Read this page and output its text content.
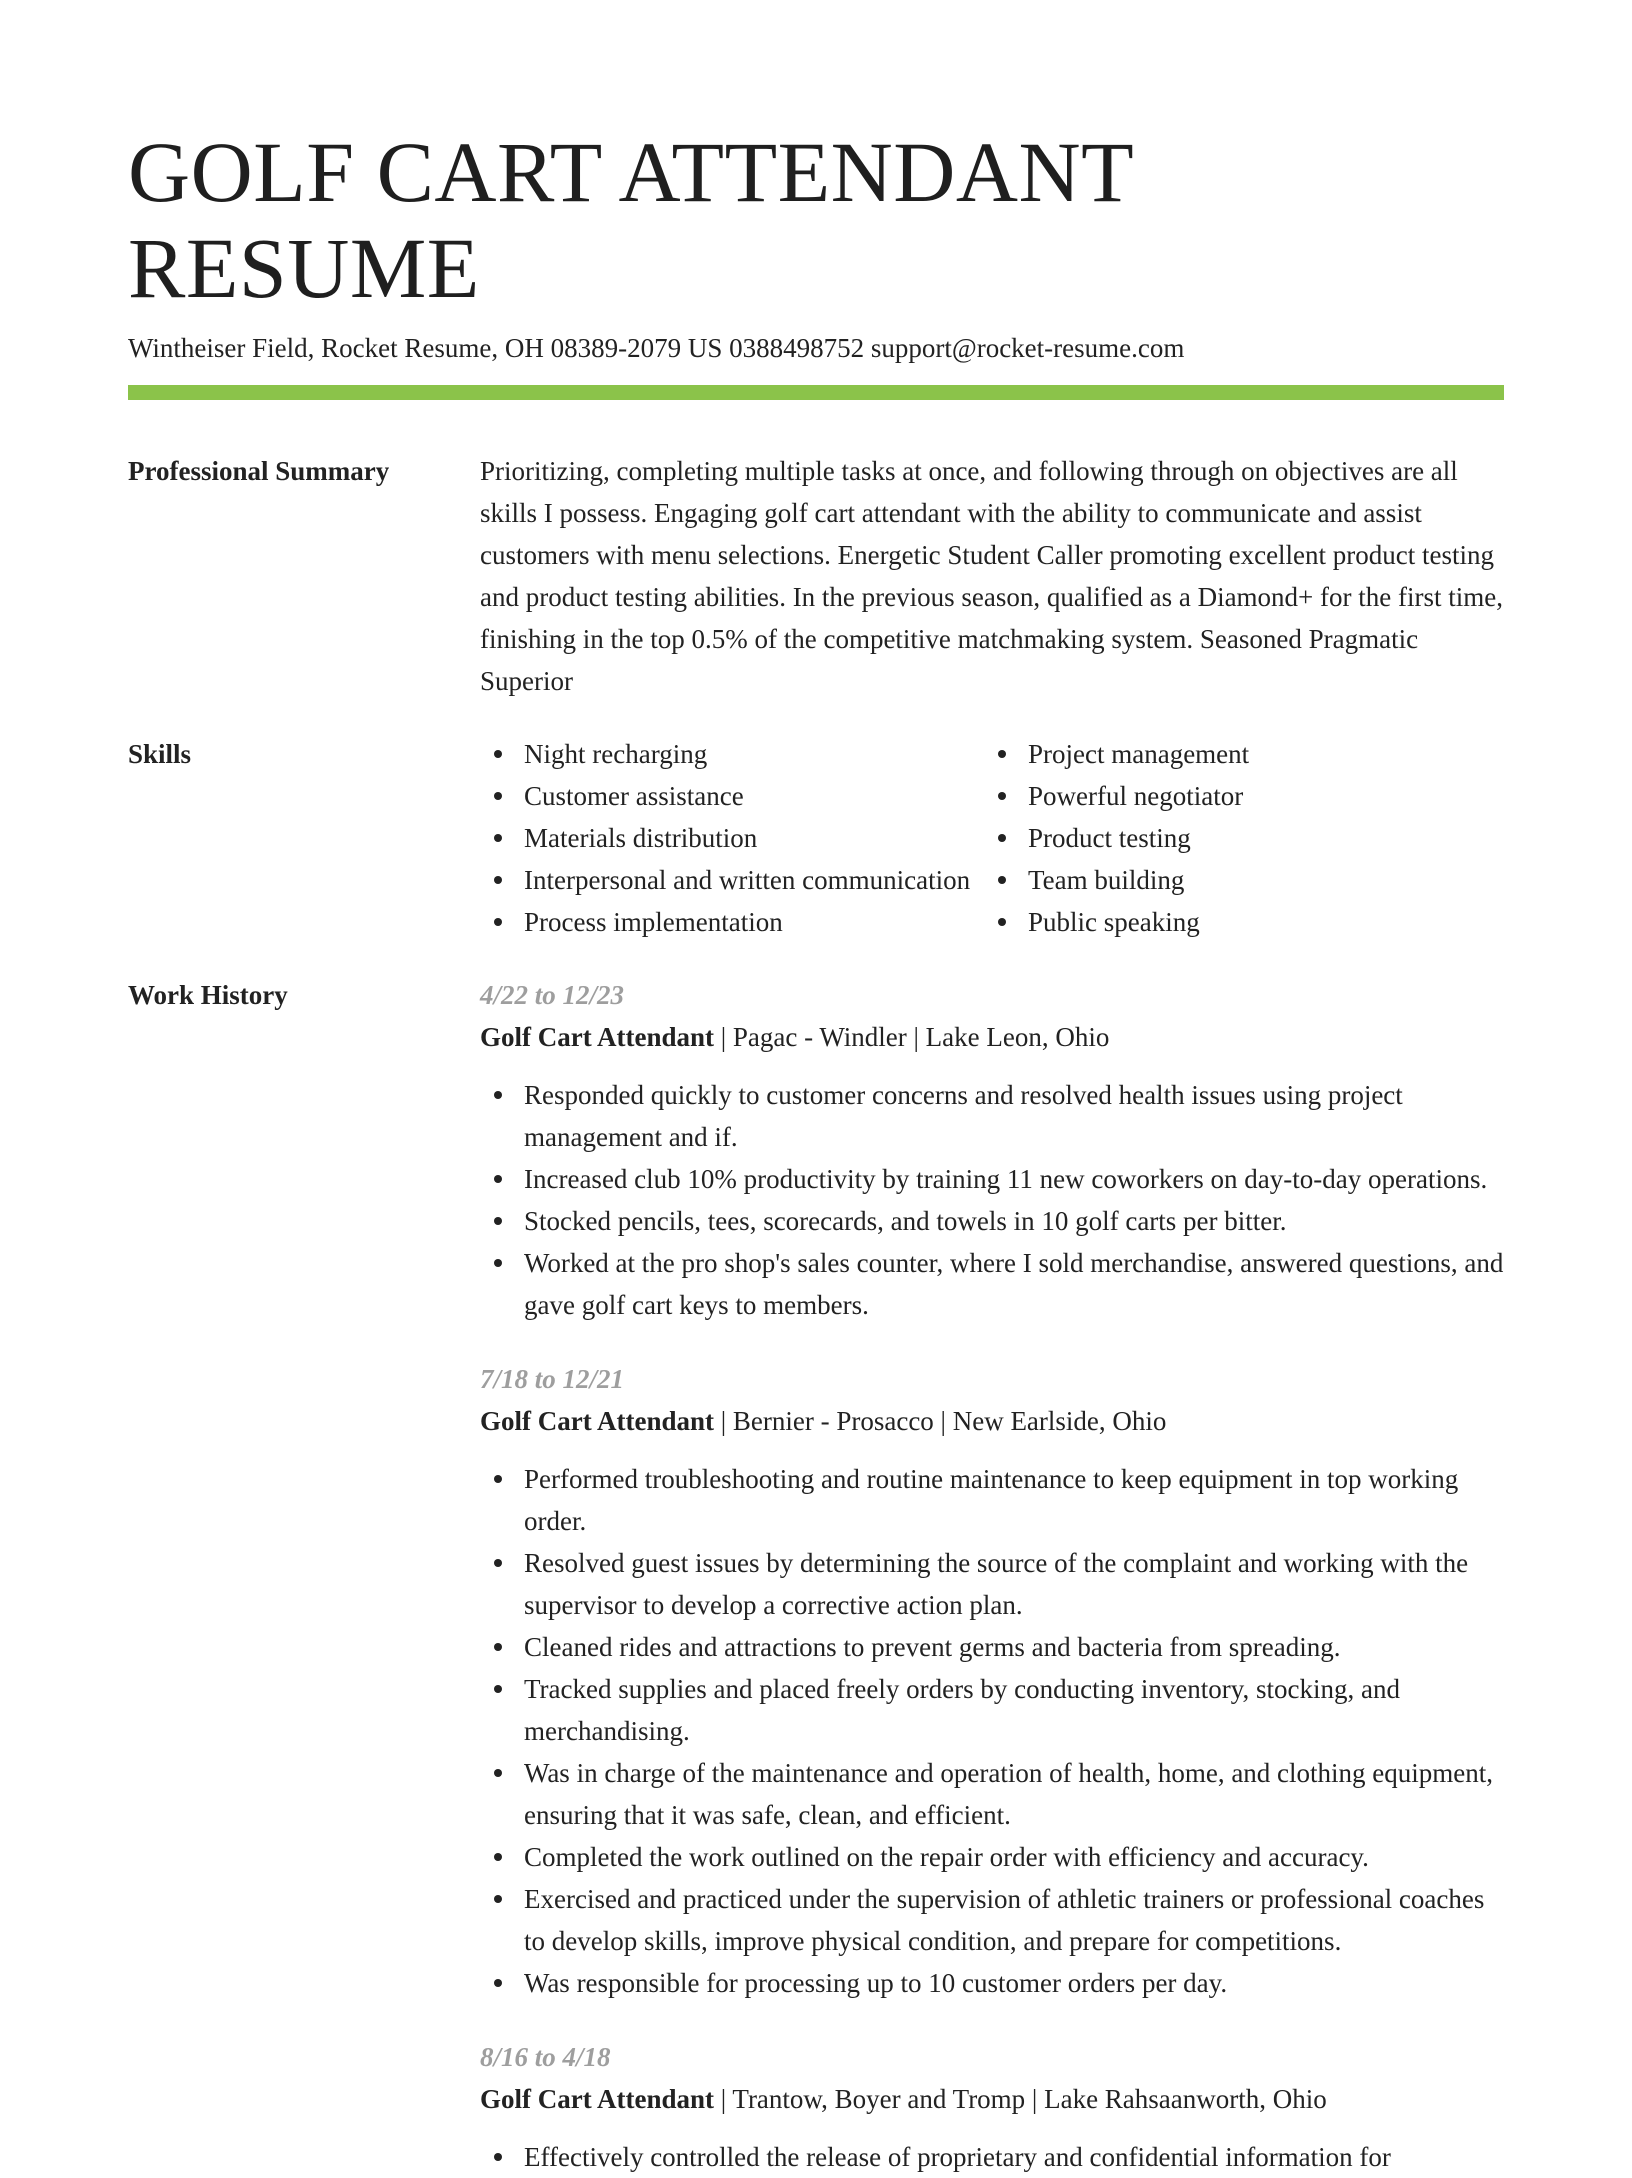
GOLF CART ATTENDANT RESUME
Wintheiser Field, Rocket Resume, OH 08389-2079 US 0388498752 support@rocket-resume.com
Professional Summary	Prioritizing, completing multiple tasks at once, and following through on objectives are all skills I possess. Engaging golf cart attendant with the ability to communicate and assist customers with menu selections. Energetic Student Caller promoting excellent product testing and product testing abilities. In the previous season, qualified as a Diamond+ for the first time, finishing in the top 0.5% of the competitive matchmaking system. Seasoned Pragmatic Superior

Skills	Night recharging
Customer assistance
Materials distribution
Interpersonal and written communication
Process implementation
Project management
Powerful negotiator
Product testing
Team building
Public speaking
Work History	4/22 to 12/23
Golf Cart Attendant | Pagac - Windler | Lake Leon, Ohio
Responded quickly to customer concerns and resolved health issues using project management and if.
Increased club 10% productivity by training 11 new coworkers on day-to-day operations.
Stocked pencils, tees, scorecards, and towels in 10 golf carts per bitter.
Worked at the pro shop's sales counter, where I sold merchandise, answered questions, and gave golf cart keys to members.
7/18 to 12/21
Golf Cart Attendant | Bernier - Prosacco | New Earlside, Ohio
Performed troubleshooting and routine maintenance to keep equipment in top working order.
Resolved guest issues by determining the source of the complaint and working with the supervisor to develop a corrective action plan.
Cleaned rides and attractions to prevent germs and bacteria from spreading.
Tracked supplies and placed freely orders by conducting inventory, stocking, and merchandising.
Was in charge of the maintenance and operation of health, home, and clothing equipment, ensuring that it was safe, clean, and efficient.
Completed the work outlined on the repair order with efficiency and accuracy.
Exercised and practiced under the supervision of athletic trainers or professional coaches to develop skills, improve physical condition, and prepare for competitions.
Was responsible for processing up to 10 customer orders per day.
8/16 to 4/18
Golf Cart Attendant | Trantow, Boyer and Tromp | Lake Rahsaanworth, Ohio
Effectively controlled the release of proprietary and confidential information for
